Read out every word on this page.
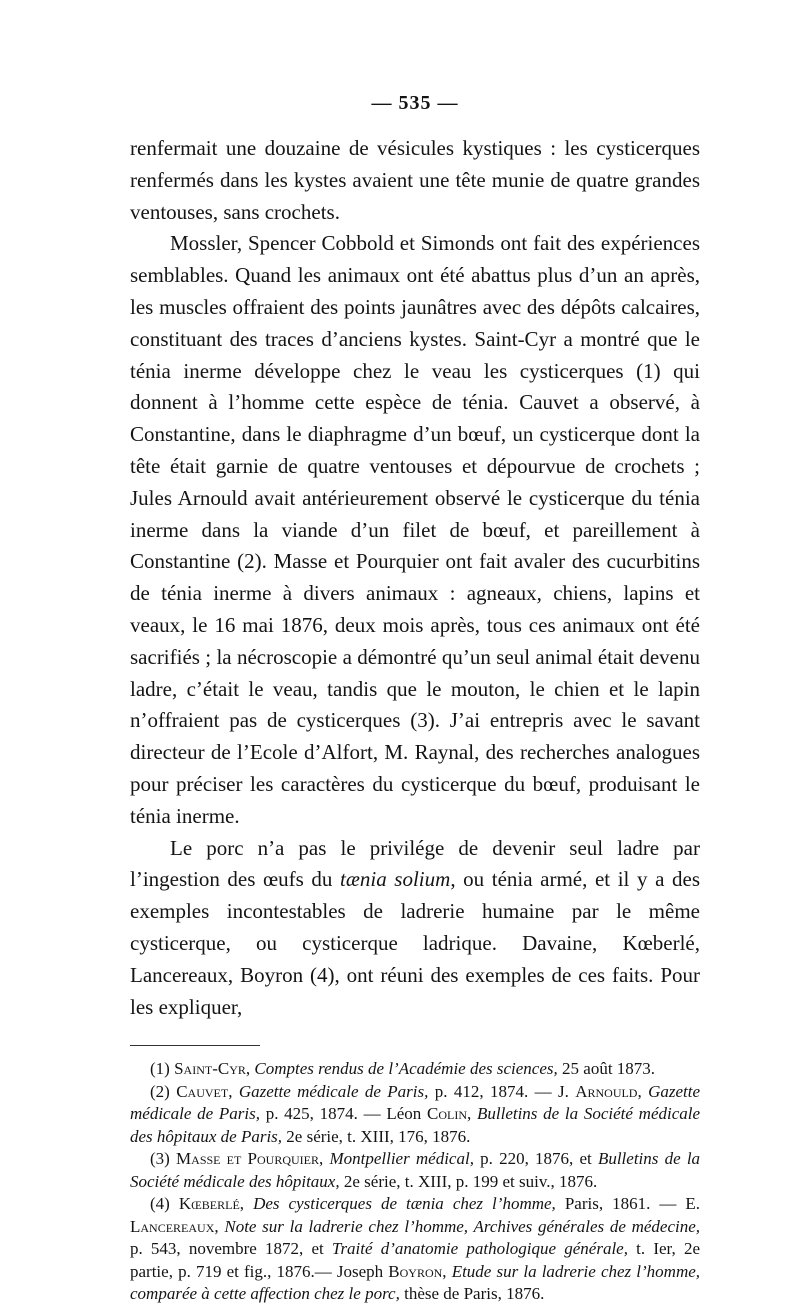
— 535 —

renfermait une douzaine de vésicules kystiques : les cysticerques renfermés dans les kystes avaient une tête munie de quatre grandes ventouses, sans crochets.

Mossler, Spencer Cobbold et Simonds ont fait des expériences semblables. Quand les animaux ont été abattus plus d’un an après, les muscles offraient des points jaunâtres avec des dépôts calcaires, constituant des traces d’anciens kystes. Saint-Cyr a montré que le ténia inerme développe chez le veau les cysticerques (1) qui donnent à l’homme cette espèce de ténia. Cauvet a observé, à Constantine, dans le diaphragme d’un bœuf, un cysticerque dont la tête était garnie de quatre ventouses et dépourvue de crochets ; Jules Arnould avait antérieurement observé le cysticerque du ténia inerme dans la viande d’un filet de bœuf, et pareillement à Constantine (2). Masse et Pourquier ont fait avaler des cucurbitins de ténia inerme à divers animaux : agneaux, chiens, lapins et veaux, le 16 mai 1876, deux mois après, tous ces animaux ont été sacrifiés ; la nécroscopie a démontré qu’un seul animal était devenu ladre, c’était le veau, tandis que le mouton, le chien et le lapin n’offraient pas de cysticerques (3). J’ai entrepris avec le savant directeur de l’Ecole d’Alfort, M. Raynal, des recherches analogues pour préciser les caractères du cysticerque du bœuf, produisant le ténia inerme.

Le porc n’a pas le privilége de devenir seul ladre par l’ingestion des œufs du tænia solium, ou ténia armé, et il y a des exemples incontestables de ladrerie humaine par le même cysticerque, ou cysticerque ladrique. Davaine, Kœberlé, Lancereaux, Boyron (4), ont réuni des exemples de ces faits. Pour les expliquer,

(1) Saint-Cyr, Comptes rendus de l’Académie des sciences, 25 août 1873.

(2) Cauvet, Gazette médicale de Paris, p. 412, 1874. — J. Arnould, Gazette médicale de Paris, p. 425, 1874. — Léon Colin, Bulletins de la Société médicale des hôpitaux de Paris, 2e série, t. XIII, 176, 1876.

(3) Masse et Pourquier, Montpellier médical, p. 220, 1876, et Bulletins de la Société médicale des hôpitaux, 2e série, t. XIII, p. 199 et suiv., 1876.

(4) Kœberlé, Des cysticerques de tænia chez l’homme, Paris, 1861. — E. Lancereaux, Note sur la ladrerie chez l’homme, Archives générales de médecine, p. 543, novembre 1872, et Traité d’anatomie pathologique générale, t. Ier, 2e partie, p. 719 et fig., 1876.— Joseph Boyron, Etude sur la ladrerie chez l’homme, comparée à cette affection chez le porc, thèse de Paris, 1876.
